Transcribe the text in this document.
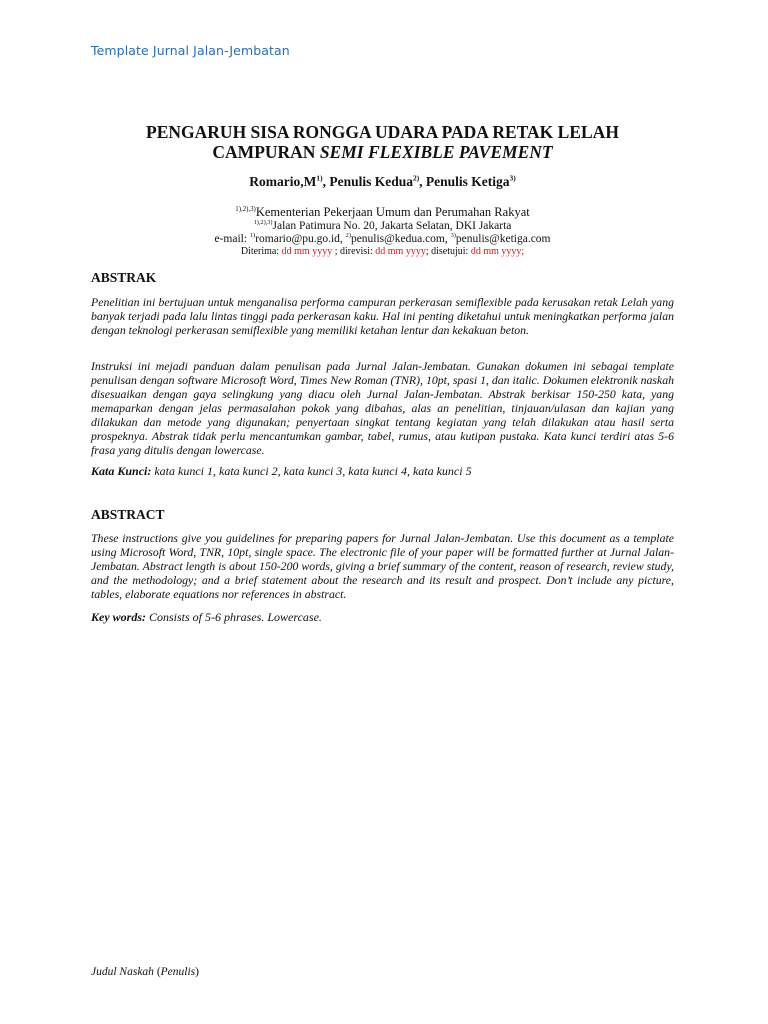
Template Jurnal Jalan-Jembatan
PENGARUH SISA RONGGA UDARA PADA RETAK LELAH
CAMPURAN SEMI FLEXIBLE PAVEMENT
$Romario,M^{1)}$, Penulis Kedua$^{2)}$, Penulis Ketiga$^{3)}$
$^{1),2),3)}$Kementerian Pekerjaan Umum dan Perumahan Rakyat
$^{1),2),3)}$Jalan Patimura No. 20, Jakarta Selatan, DKI Jakarta
e-mail: $^{1)}$romario@pu.go.id, $^{2)}$penulis@kedua.com, $^{3)}$penulis@ketiga.com
Diterima: dd mm yyyy ; direvisi: dd mm yyyy; disetujui: dd mm yyyy;
ABSTRAK

Penelitian ini bertujuan untuk menganalisa performa campuran perkerasan semiflexible pada kerusakan retak Lelah yang banyak terjadi pada lalu lintas tinggi pada perkerasan kaku. Hal ini penting diketahui untuk meningkatkan performa jalan dengan teknologi perkerasan semiflexible yang memiliki ketahan lentur dan kekakuan beton.

Instruksi ini mejadi panduan dalam penulisan pada Jurnal Jalan-Jembatan. Gunakan dokumen ini sebagai template penulisan dengan software Microsoft Word, Times New Roman (TNR), 10pt, spasi 1, dan italic. Dokumen elektronik naskah disesuaikan dengan gaya selingkung yang diacu oleh Jurnal Jalan-Jembatan. Abstrak berkisar 150-250 kata, yang memaparkan dengan jelas permasalahan pokok yang dibahas, alas an penelitian, tinjauan/ulasan dan kajian yang dilakukan dan metode yang digunakan; penyertaan singkat tentang kegiatan yang telah dilakukan atau hasil serta prospeknya. Abstrak tidak perlu mencantumkan gambar, tabel, rumus, atau kutipan pustaka. Kata kunci terdiri atas 5-6 frasa yang ditulis dengan lowercase.

Kata Kunci: kata kunci 1, kata kunci 2, kata kunci 3, kata kunci 4, kata kunci 5

ABSTRACT

These instructions give you guidelines for preparing papers for Jurnal Jalan-Jembatan. Use this document as a template using Microsoft Word, TNR, 10pt, single space. The electronic file of your paper will be formatted further at Jurnal Jalan-Jembatan. Abstract length is about 150-200 words, giving a brief summary of the content, reason of research, review study, and the methodology; and a brief statement about the research and its result and prospect. Don’t include any picture, tables, elaborate equations nor references in abstract.

Key words: Consists of 5-6 phrases. Lowercase.

Judul Naskah (Penulis)
